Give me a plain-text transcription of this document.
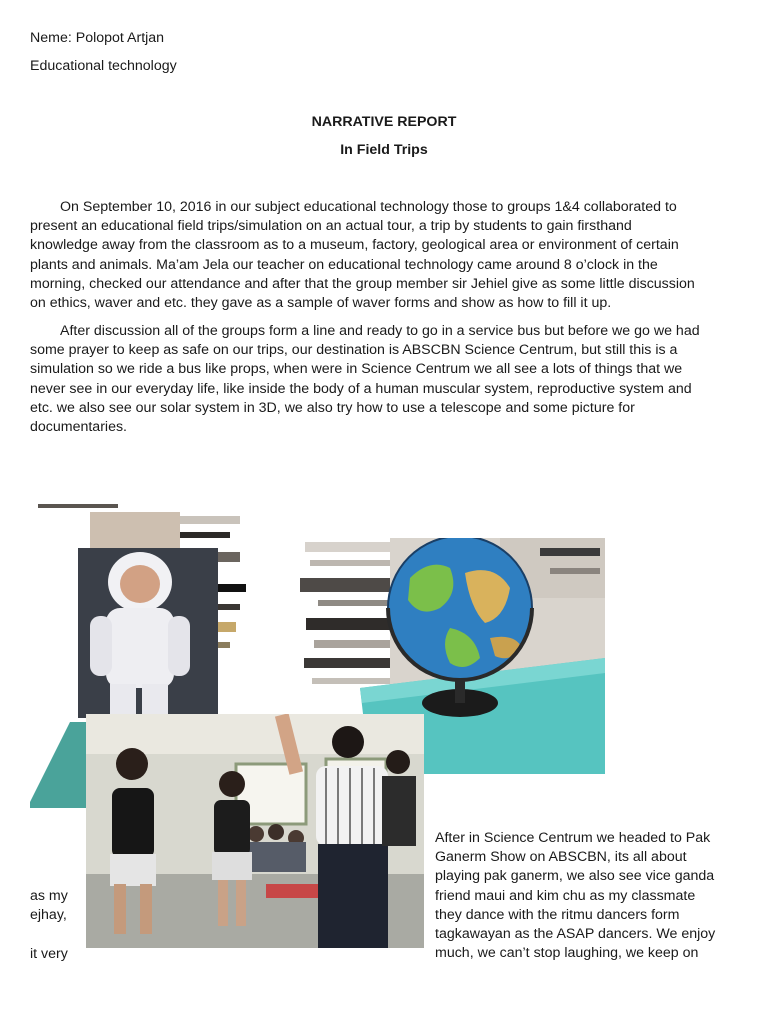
Neme: Polopot Artjan
Educational technology
NARRATIVE REPORT
In Field Trips
On September 10, 2016 in our subject educational technology those to groups 1&4 collaborated to
present an educational field trips/simulation on an actual tour, a trip by students to gain firsthand
knowledge away from the classroom as to a museum, factory, geological area or environment of certain
plants and animals. Ma’am Jela our teacher on educational technology came around 8 o’clock in the
morning, checked our attendance and after that the group member sir Jehiel give as some little discussion
on ethics, waver and etc. they gave as a sample of waver forms and show as how to fill it up.
After discussion all of the groups form a line and ready to go in a service bus but before we go we had
some prayer to keep as safe on our trips, our destination is ABSCBN Science Centrum, but still this is a
simulation so we ride a bus like props, when were in Science Centrum we all see a lots of things that we
never see in our everyday life, like inside the body of a human muscular system, reproductive system and
etc. we also see our solar system in 3D, we also try how to use a telescope and some picture for
documentaries.
After in Science Centrum we headed to Pak
Ganerm Show on ABSCBN, its all about
playing pak ganerm, we also see vice ganda
friend maui and kim chu as my classmate
they dance with the ritmu dancers form
tagkawayan as the ASAP dancers. We enjoy
much, we can’t stop laughing, we keep on
as my
ejhay,
it very
